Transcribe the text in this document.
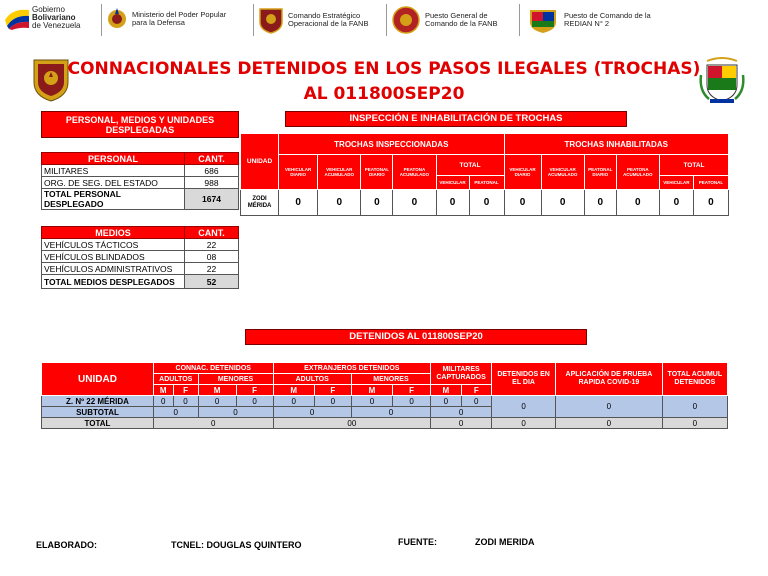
Gobierno
Bolivariano
de Venezuela
Ministerio del Poder Popular
para la Defensa
Comando Estratégico
Operacional de la FANB
Puesto General de
Comando de la FANB
Puesto de Comando de la
REDIAN N° 2
CONNACIONALES DETENIDOS EN LOS PASOS ILEGALES (TROCHAS)
AL 011800SEP20
PERSONAL, MEDIOS Y UNIDADES DESPLEGADAS
PERSONAL	CANT.
MILITARES	686
ORG. DE SEG. DEL ESTADO	988
TOTAL PERSONAL DESPLEGADO	1674
MEDIOS	CANT.
VEHÍCULOS TÁCTICOS	22
VEHÍCULOS BLINDADOS	08
VEHÍCULOS ADMINISTRATIVOS	22
TOTAL MEDIOS DESPLEGADOS	52
INSPECCIÓN E INHABILITACIÓN DE TROCHAS
UNIDAD	TROCHAS INSPECCIONADAS						TROCHAS INHABILITADAS					
	VEHICULAR DIARIO	VEHICULAR ACUMULADO	PEATONAL DIARIO	PEATONA ACUMULADO	TOTAL		VEHICULAR DIARIO	VEHICULAR ACUMULADO	PEATONAL DIARIO	PEATONA ACUMULADO	TOTAL	
					VEHICULAR	PEATONAL					VEHICULAR	PEATONAL

ZODI
MÉRIDA	0	0	0	0	0	0	0	0	0	0	0	0
DETENIDOS AL 011800SEP20
UNIDAD	CONNAC. DETENIDOS				EXTRANJEROS DETENIDOS				MILITARES CAPTURADOS		DETENIDOS EN EL DIA	APLICACIÓN DE PRUEBA RAPIDA COVID-19	TOTAL ACUMUL DETENIDOS
	ADULTOS		MENORES		ADULTOS		MENORES						
	M	F	M	F	M	F	M	F	M	F			
Z. Nº 22 MÉRIDA	0	0	0	0	0	0	0	0	0	0	0	0	0
SUBTOTAL	0		0		0		0		0				
TOTAL	0				00				0		0	0	0
ELABORADO:	TCNEL: DOUGLAS QUINTERO	FUENTE:	ZODI MERIDA
